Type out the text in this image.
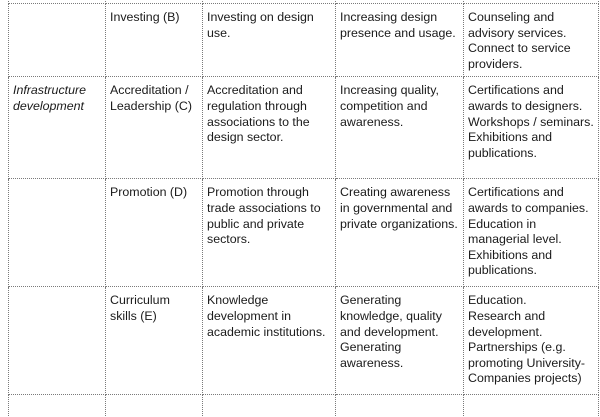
	Investing (B)	Investing on design use.	Increasing design presence and usage.	Counseling and advisory services.
Connect to service providers.
Infrastructure development	Accreditation / Leadership (C)	Accreditation and regulation through associations to the design sector.	Increasing quality, competition and awareness.	Certifications and awards to designers.
Workshops / seminars.
Exhibitions and publications.
	Promotion (D)	Promotion through trade associations to public and private sectors.	Creating awareness in governmental and private organizations.	Certifications and awards to companies.
Education in managerial level.
Exhibitions and publications.
	Curriculum skills (E)	Knowledge development in academic institutions.	Generating knowledge, quality and development.
Generating awareness.	Education.
Research and development.
Partnerships (e.g. promoting University-Companies projects)
